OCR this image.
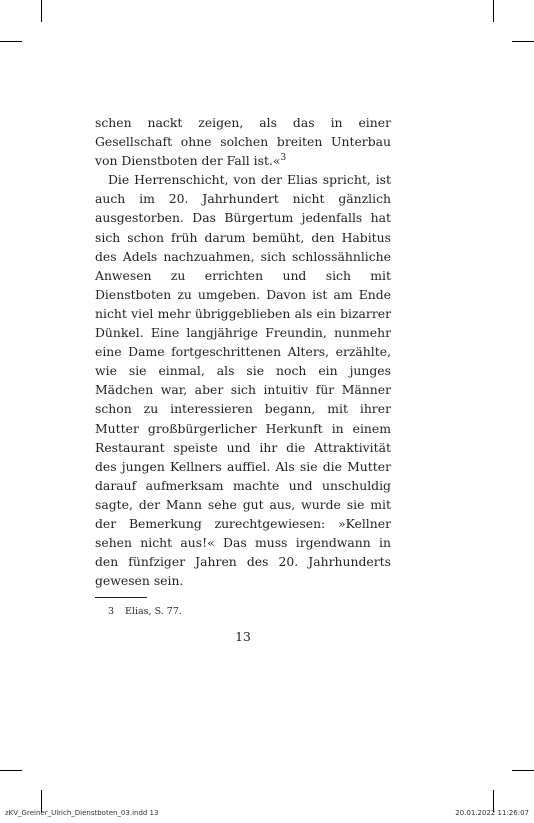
schen nackt zeigen, als das in einer Gesellschaft ohne solchen breiten Unterbau von Dienstboten der Fall ist.«$^3$

Die Herrenschicht, von der Elias spricht, ist auch im 20. Jahrhundert nicht gänzlich ausgestorben. Das Bürgertum jedenfalls hat sich schon früh darum bemüht, den Habitus des Adels nachzuahmen, sich schlossähnliche Anwesen zu errichten und sich mit Dienstboten zu umgeben. Davon ist am Ende nicht viel mehr übriggeblieben als ein bizarrer Dünkel. Eine langjährige Freundin, nunmehr eine Dame fortgeschrittenen Alters, erzählte, wie sie einmal, als sie noch ein junges Mädchen war, aber sich intuitiv für Männer schon zu interessieren begann, mit ihrer Mutter großbürgerlicher Herkunft in einem Restaurant speiste und ihr die Attraktivität des jungen Kellners auffiel. Als sie die Mutter darauf aufmerksam machte und unschuldig sagte, der Mann sehe gut aus, wurde sie mit der Bemerkung zurechtgewiesen: »Kellner sehen nicht aus!« Das muss irgendwann in den fünfziger Jahren des 20. Jahrhunderts gewesen sein.

3 Elias, S. 77.
13
zKV_Greiner_Ulrich_Dienstboten_03.indd 13	20.01.2022 11:26:07
